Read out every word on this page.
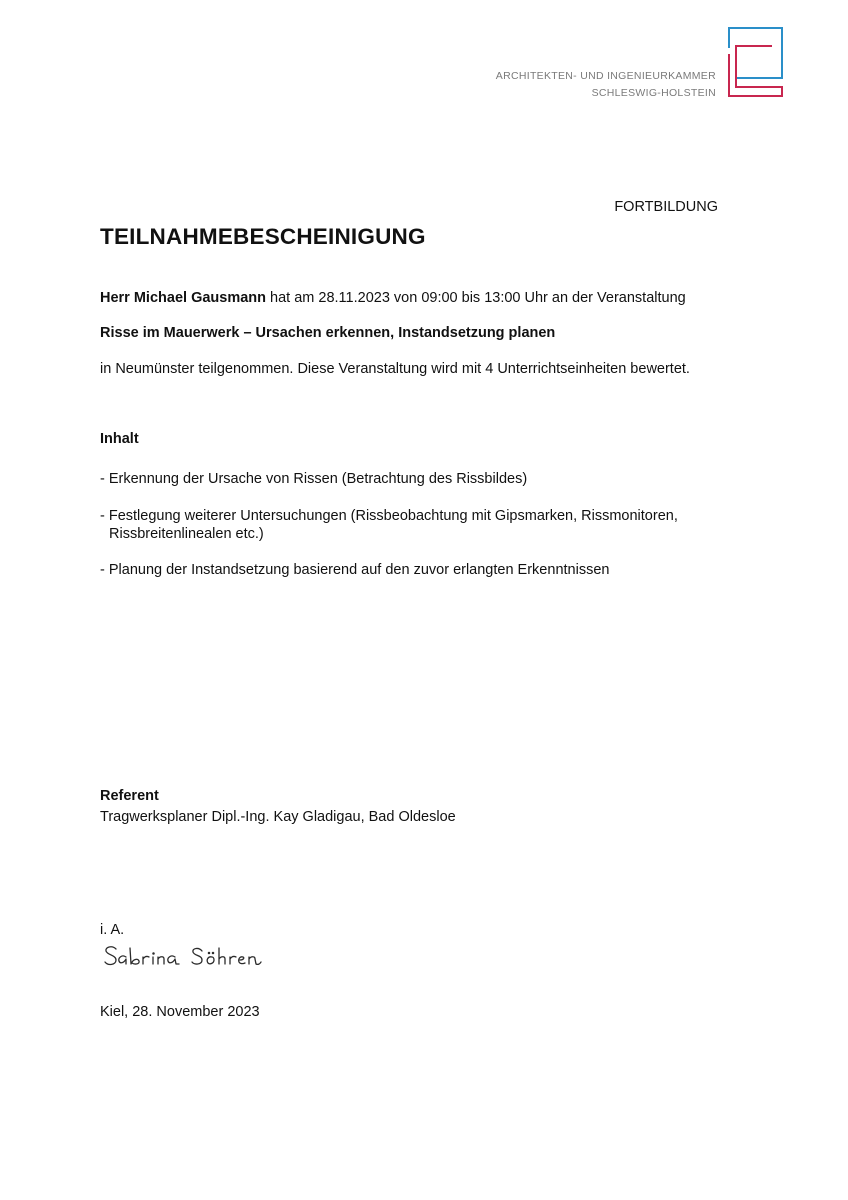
ARCHITEKTEN- UND INGENIEURKAMMER
SCHLESWIG-HOLSTEIN
FORTBILDUNG
TEILNAHMEBESCHEINIGUNG
Herr Michael Gausmann hat am 28.11.2023 von 09:00 bis 13:00 Uhr an der Veranstaltung
Risse im Mauerwerk – Ursachen erkennen, Instandsetzung planen
in Neumünster teilgenommen. Diese Veranstaltung wird mit 4 Unterrichtseinheiten bewertet.
Inhalt
- Erkennung der Ursache von Rissen (Betrachtung des Rissbildes)
- Festlegung weiterer Untersuchungen (Rissbeobachtung mit Gipsmarken, Rissmonitoren,
Rissbreitenlinealen etc.)
- Planung der Instandsetzung basierend auf den zuvor erlangten Erkenntnissen
Referent
Tragwerksplaner Dipl.-Ing. Kay Gladigau, Bad Oldesloe
i. A.
Kiel, 28. November 2023
